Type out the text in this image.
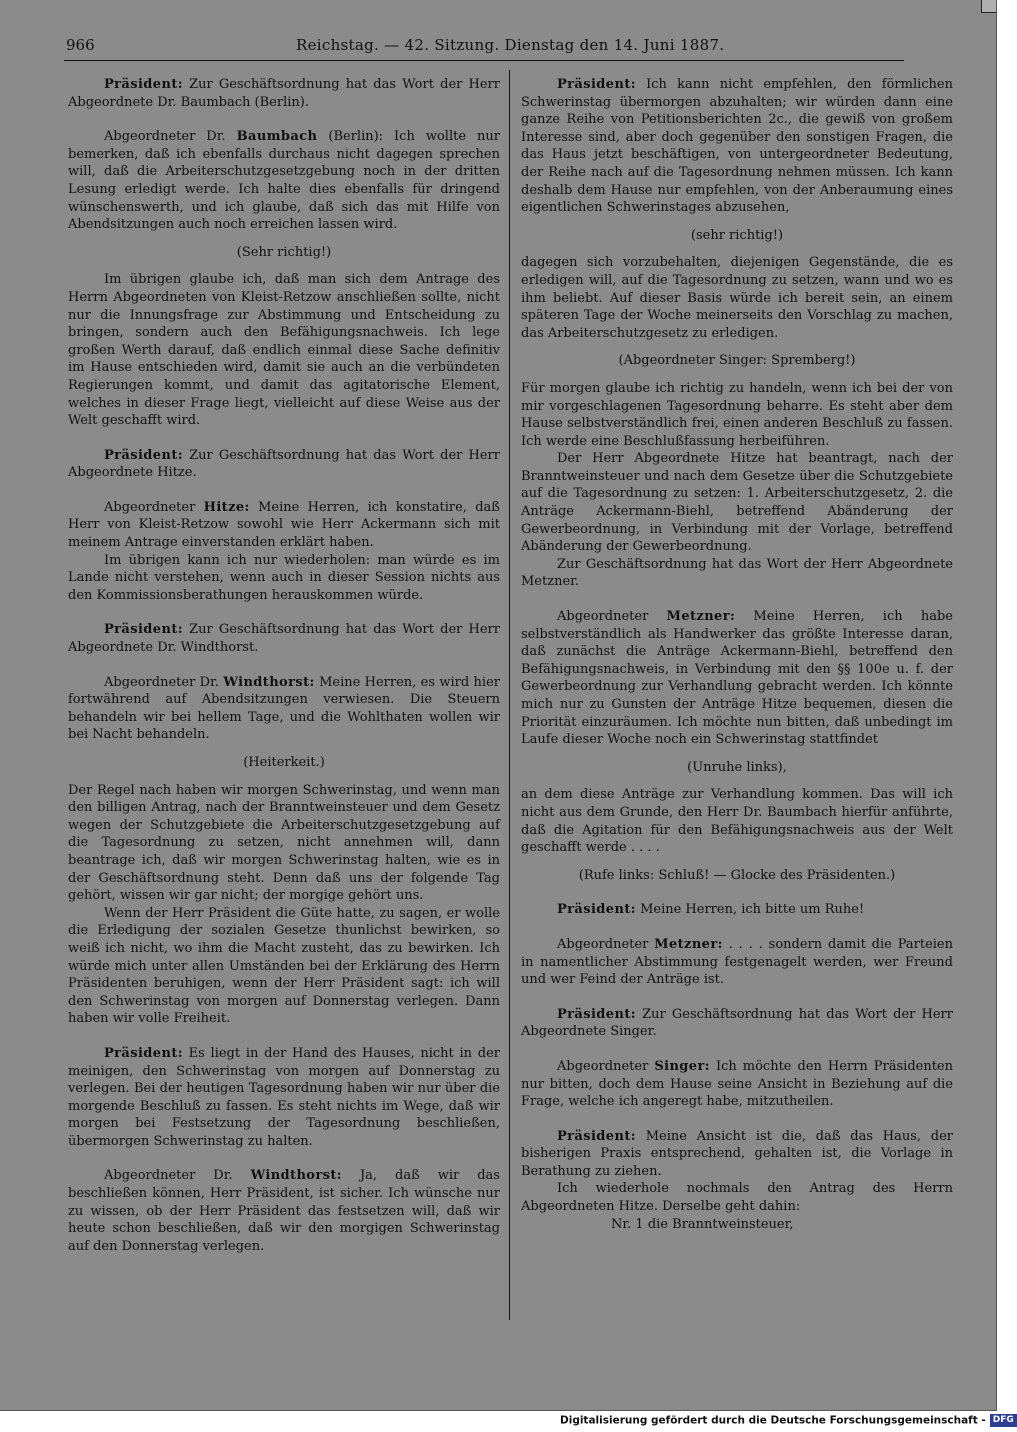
966	Reichstag. — 42. Sitzung. Dienstag den 14. Juni 1887.

Präsident: Zur Geschäftsordnung hat das Wort der Herr Abgeordnete Dr. Baumbach (Berlin).

Abgeordneter Dr. Baumbach (Berlin): Ich wollte nur bemerken, daß ich ebenfalls durchaus nicht dagegen sprechen will, daß die Arbeiterschutzgesetzgebung noch in der dritten Lesung erledigt werde. Ich halte dies ebenfalls für dringend wünschenswerth, und ich glaube, daß sich das mit Hilfe von Abendsitzungen auch noch erreichen lassen wird.

(Sehr richtig!)

Im übrigen glaube ich, daß man sich dem Antrage des Herrn Abgeordneten von Kleist-Retzow anschließen sollte, nicht nur die Innungsfrage zur Abstimmung und Entscheidung zu bringen, sondern auch den Befähigungsnachweis. Ich lege großen Werth darauf, daß endlich einmal diese Sache definitiv im Hause entschieden wird, damit sie auch an die verbündeten Regierungen kommt, und damit das agitatorische Element, welches in dieser Frage liegt, vielleicht auf diese Weise aus der Welt geschafft wird.

Präsident: Zur Geschäftsordnung hat das Wort der Herr Abgeordnete Hitze.

Abgeordneter Hitze: Meine Herren, ich konstatire, daß Herr von Kleist-Retzow sowohl wie Herr Ackermann sich mit meinem Antrage einverstanden erklärt haben.

Im übrigen kann ich nur wiederholen: man würde es im Lande nicht verstehen, wenn auch in dieser Session nichts aus den Kommissionsberathungen herauskommen würde.

Präsident: Zur Geschäftsordnung hat das Wort der Herr Abgeordnete Dr. Windthorst.

Abgeordneter Dr. Windthorst: Meine Herren, es wird hier fortwährend auf Abendsitzungen verwiesen. Die Steuern behandeln wir bei hellem Tage, und die Wohlthaten wollen wir bei Nacht behandeln.

(Heiterkeit.)

Der Regel nach haben wir morgen Schwerinstag, und wenn man den billigen Antrag, nach der Branntweinsteuer und dem Gesetz wegen der Schutzgebiete die Arbeiterschutzgesetzgebung auf die Tagesordnung zu setzen, nicht annehmen will, dann beantrage ich, daß wir morgen Schwerinstag halten, wie es in der Geschäftsordnung steht. Denn daß uns der folgende Tag gehört, wissen wir gar nicht; der morgige gehört uns.

Wenn der Herr Präsident die Güte hatte, zu sagen, er wolle die Erledigung der sozialen Gesetze thunlichst bewirken, so weiß ich nicht, wo ihm die Macht zusteht, das zu bewirken. Ich würde mich unter allen Umständen bei der Erklärung des Herrn Präsidenten beruhigen, wenn der Herr Präsident sagt: ich will den Schwerinstag von morgen auf Donnerstag verlegen. Dann haben wir volle Freiheit.

Präsident: Es liegt in der Hand des Hauses, nicht in der meinigen, den Schwerinstag von morgen auf Donnerstag zu verlegen. Bei der heutigen Tagesordnung haben wir nur über die morgende Beschluß zu fassen. Es steht nichts im Wege, daß wir morgen bei Festsetzung der Tagesordnung beschließen, übermorgen Schwerinstag zu halten.

Abgeordneter Dr. Windthorst: Ja, daß wir das beschließen können, Herr Präsident, ist sicher. Ich wünsche nur zu wissen, ob der Herr Präsident das festsetzen will, daß wir heute schon beschließen, daß wir den morgigen Schwerinstag auf den Donnerstag verlegen.

Präsident: Ich kann nicht empfehlen, den förmlichen Schwerinstag übermorgen abzuhalten; wir würden dann eine ganze Reihe von Petitionsberichten 2c., die gewiß von großem Interesse sind, aber doch gegenüber den sonstigen Fragen, die das Haus jetzt beschäftigen, von untergeordneter Bedeutung, der Reihe nach auf die Tagesordnung nehmen müssen. Ich kann deshalb dem Hause nur empfehlen, von der Anberaumung eines eigentlichen Schwerinstages abzusehen,

(sehr richtig!)

dagegen sich vorzubehalten, diejenigen Gegenstände, die es erledigen will, auf die Tagesordnung zu setzen, wann und wo es ihm beliebt. Auf dieser Basis würde ich bereit sein, an einem späteren Tage der Woche meinerseits den Vorschlag zu machen, das Arbeiterschutzgesetz zu erledigen.

(Abgeordneter Singer: Spremberg!)

Für morgen glaube ich richtig zu handeln, wenn ich bei der von mir vorgeschlagenen Tagesordnung beharre. Es steht aber dem Hause selbstverständlich frei, einen anderen Beschluß zu fassen. Ich werde eine Beschlußfassung herbeiführen.

Der Herr Abgeordnete Hitze hat beantragt, nach der Branntweinsteuer und nach dem Gesetze über die Schutzgebiete auf die Tagesordnung zu setzen: 1. Arbeiterschutzgesetz, 2. die Anträge Ackermann-Biehl, betreffend Abänderung der Gewerbeordnung, in Verbindung mit der Vorlage, betreffend Abänderung der Gewerbeordnung.

Zur Geschäftsordnung hat das Wort der Herr Abgeordnete Metzner.

Abgeordneter Metzner: Meine Herren, ich habe selbstverständlich als Handwerker das größte Interesse daran, daß zunächst die Anträge Ackermann-Biehl, betreffend den Befähigungsnachweis, in Verbindung mit den §§ 100e u. f. der Gewerbeordnung zur Verhandlung gebracht werden. Ich könnte mich nur zu Gunsten der Anträge Hitze bequemen, diesen die Priorität einzuräumen. Ich möchte nun bitten, daß unbedingt im Laufe dieser Woche noch ein Schwerinstag stattfindet

(Unruhe links),

an dem diese Anträge zur Verhandlung kommen. Das will ich nicht aus dem Grunde, den Herr Dr. Baumbach hierfür anführte, daß die Agitation für den Befähigungsnachweis aus der Welt geschafft werde . . . .

(Rufe links: Schluß! — Glocke des Präsidenten.)

Präsident: Meine Herren, ich bitte um Ruhe!

Abgeordneter Metzner: . . . . sondern damit die Parteien in namentlicher Abstimmung festgenagelt werden, wer Freund und wer Feind der Anträge ist.

Präsident: Zur Geschäftsordnung hat das Wort der Herr Abgeordnete Singer.

Abgeordneter Singer: Ich möchte den Herrn Präsidenten nur bitten, doch dem Hause seine Ansicht in Beziehung auf die Frage, welche ich angeregt habe, mitzutheilen.

Präsident: Meine Ansicht ist die, daß das Haus, der bisherigen Praxis entsprechend, gehalten ist, die Vorlage in Berathung zu ziehen.

Ich wiederhole nochmals den Antrag des Herrn Abgeordneten Hitze. Derselbe geht dahin:

Nr. 1 die Branntweinsteuer,

Digitalisierung gefördert durch die Deutsche Forschungsgemeinschaft - DFG
